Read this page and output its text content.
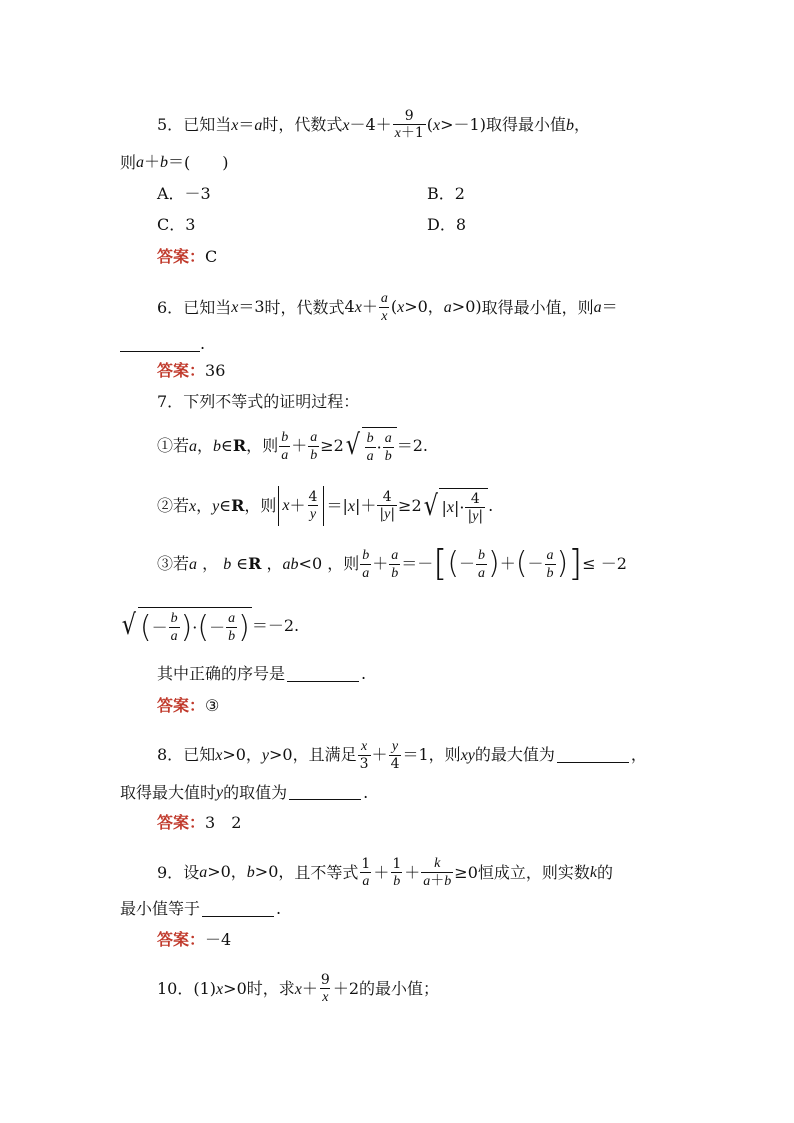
5． 已知当 x＝a 时，代数式 $x-4+ \frac{9}{x+1} (x>-1)$ 取得最小值 b，
则 a＋b＝ (　　)
A．－3	B．2
C．3	D．8
答案： C
6． 已知当 x＝3 时，代数式 $4x+ \frac{a}{x} (x>0$，a>0) 取得最小值，则 a＝
.
答案： 36
7． 下列不等式的证明过程：
①若 a，b∈R， 则 $\frac{b}{a} + \frac{a}{b} \ge 2$ √ $\frac{b}{a} \cdot \frac{a}{b} =2$.
②若 x，y∈R， 则 $x + \frac{4}{y} =|x|+ \frac{4}{|y|} \ge 2$ √ | x |· $\frac{4}{|y|}$ .
③若 a ， b ∈R ，ab<0 ， 则 $\frac{b}{a} + \frac{a}{b}$ ＝－ [ ( － $\frac{b}{a}$ ) ＋ ( － $\frac{a}{b}$ ) ] ≤ －2
√ ( － $\frac{b}{a}$ ) · ( － $\frac{a}{b}$ ) ＝－2.
其中正确的序号是	.
答案： ③
8． 已知 x>0，y>0， 且满足 $\frac{x}{3} + \frac{y}{4} =1$， 则 xy 的最大值为	，
取得最大值时 y 的取值为	.
答案： 3　2
9． 设 a>0，b>0， 且不等式 $\frac{1}{a} + \frac{1}{b} + \frac{k}{a+b} \ge 0$ 恒成立，则实数 k 的
最小值等于	.
答案： －4
10． (1) x>0 时，求 $x+ \frac{9}{x} +2$ 的最小值；
